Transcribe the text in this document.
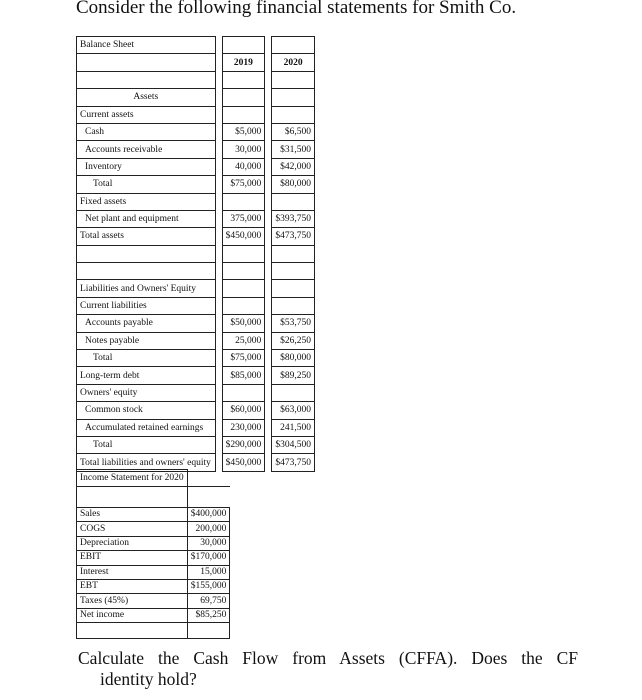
Consider the following financial statements for Smith Co.
Balance Sheet				
		2019		2020

Assets				
Current assets				
Cash		$5,000		$6,500
Accounts receivable		30,000		$31,500
Inventory		40,000		$42,000
Total		$75,000		$80,000
Fixed assets				
Net plant and equipment		375,000		$393,750
Total assets		$450,000		$473,750

Liabilities and Owners' Equity				
Current liabilities				
Accounts payable		$50,000		$53,750
Notes payable		25,000		$26,250
Total		$75,000		$80,000
Long-term debt		$85,000		$89,250
Owners' equity				
Common stock		$60,000		$63,000
Accumulated retained earnings		230,000		241,500
Total		$290,000		$304,500
Total liabilities and owners' equity		$450,000		$473,750
Income Statement for 2020	

Sales	$400,000
COGS	200,000
Depreciation	30,000
EBIT	$170,000
Interest	15,000
EBT	$155,000
Taxes (45%)	69,750
Net income	$85,250

Calculate the Cash Flow from Assets (CFFA). Does the CF
identity hold?
